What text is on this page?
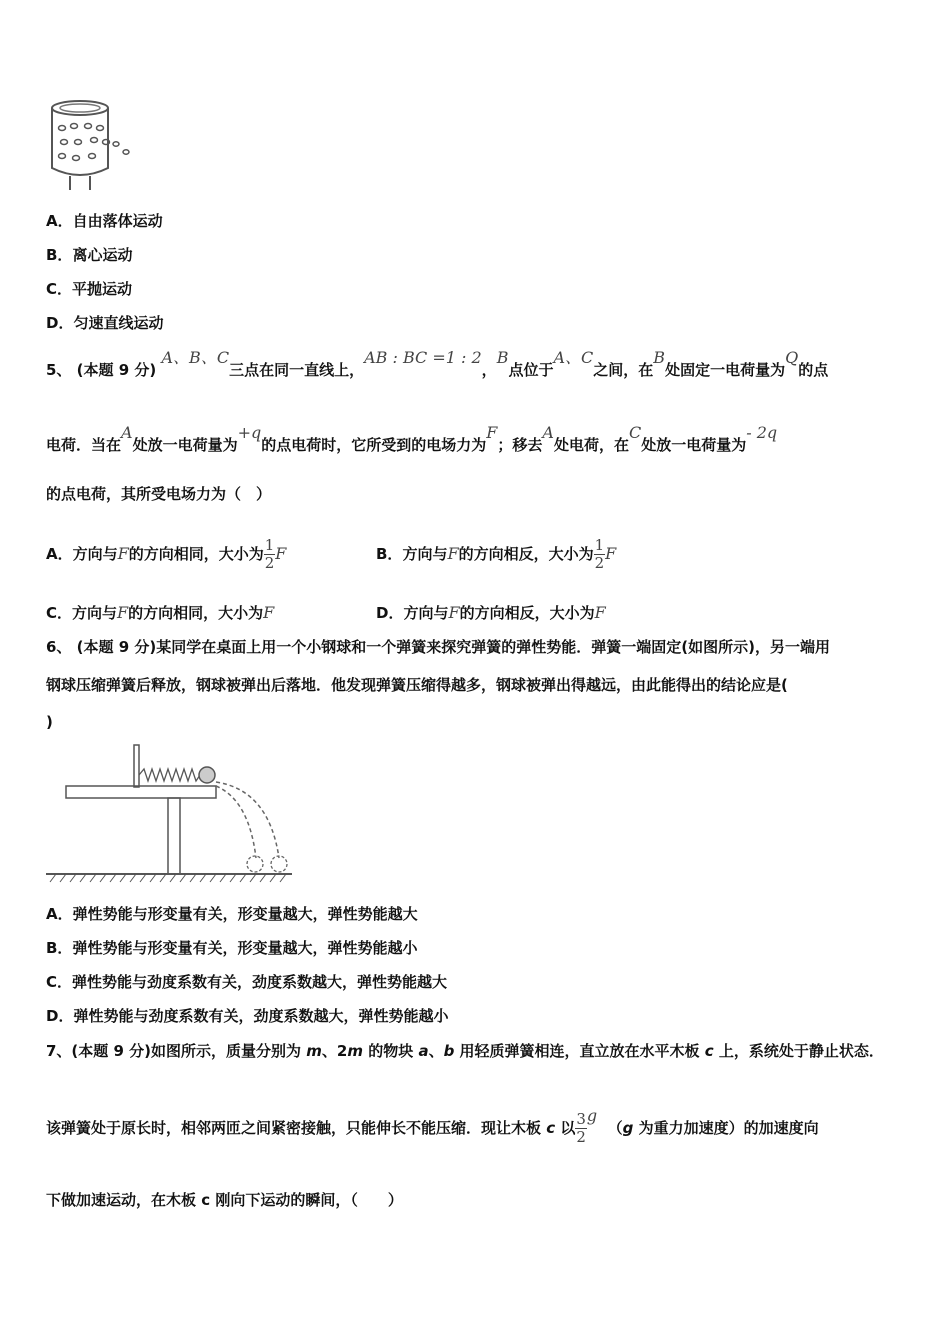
A．自由落体运动
B．离心运动
C．平抛运动
D．匀速直线运动
5、 (本题 9 分) A、B、C三点在同一直线上，AB : BC =1 : 2，B点位于A、C之间，在B处固定一电荷量为Q的点
电荷．当在A处放一电荷量为+q的点电荷时，它所受到的电场力为F；移去A处电荷，在C处放一电荷量为- 2q
的点电荷，其所受电场力为（　）
A．方向与F的方向相同，大小为 $\frac{1}{2}$ F	B．方向与F的方向相反，大小为 $\frac{1}{2}$ F
C．方向与F的方向相同，大小为F	D．方向与F的方向相反，大小为F
6、 (本题 9 分)某同学在桌面上用一个小钢球和一个弹簧来探究弹簧的弹性势能．弹簧一端固定(如图所示)，另一端用
钢球压缩弹簧后释放，钢球被弹出后落地．他发现弹簧压缩得越多，钢球被弹出得越远，由此能得出的结论应是(
)
A．弹性势能与形变量有关，形变量越大，弹性势能越大
B．弹性势能与形变量有关，形变量越大，弹性势能越小
C．弹性势能与劲度系数有关，劲度系数越大，弹性势能越大
D．弹性势能与劲度系数有关，劲度系数越大，弹性势能越小
7、(本题 9 分)如图所示，质量分别为 m、2m 的物块 a、b 用轻质弹簧相连，直立放在水平木板 c 上，系统处于静止状态．
该弹簧处于原长时，相邻两匝之间紧密接触，只能伸长不能压缩．现让木板 c 以 $\frac{3}{2}$ g  （g 为重力加速度）的加速度向
下做加速运动，在木板 c 刚向下运动的瞬间，（　　）
